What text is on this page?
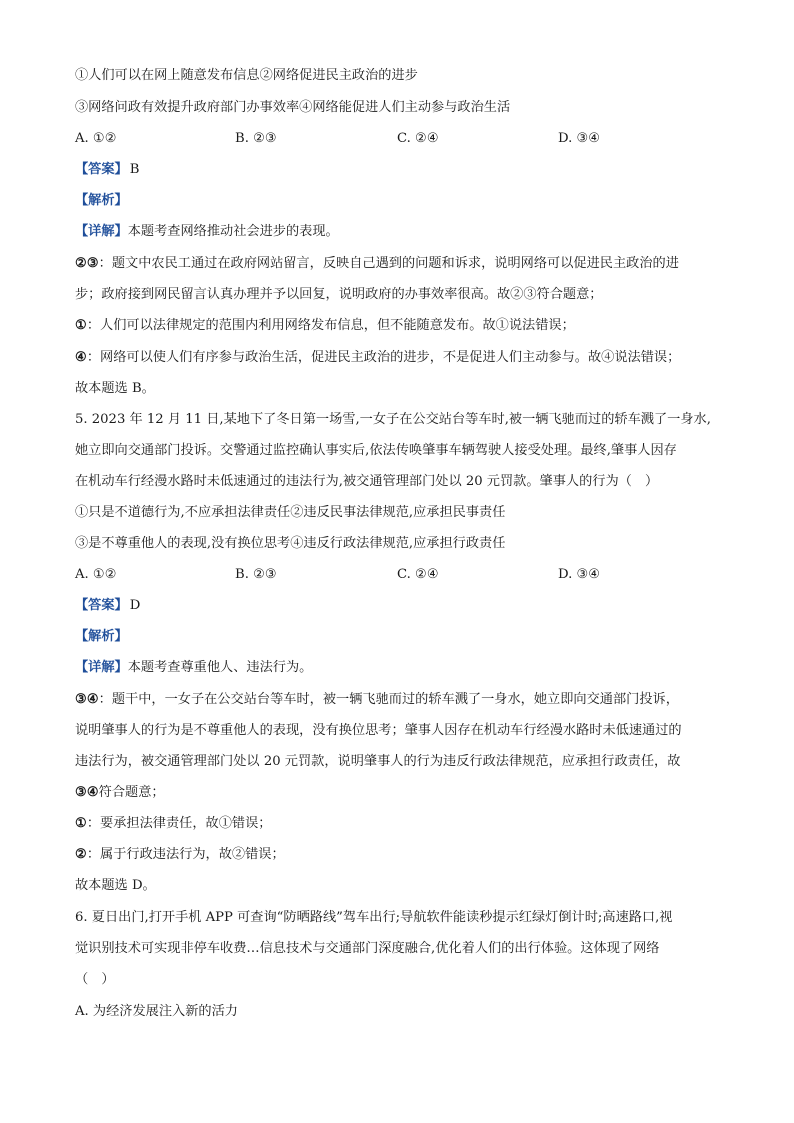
①人们可以在网上随意发布信息②网络促进民主政治的进步
③网络问政有效提升政府部门办事效率④网络能促进人们主动参与政治生活
A. ①②	B. ②③	C. ②④	D. ③④
【答案】 B
【解析】
【详解】本题考查网络推动社会进步的表现。
②③：题文中农民工通过在政府网站留言，反映自己遇到的问题和诉求，说明网络可以促进民主政治的进
步；政府接到网民留言认真办理并予以回复，说明政府的办事效率很高。故②③符合题意；
①：人们可以法律规定的范围内利用网络发布信息，但不能随意发布。故①说法错误；
④：网络可以使人们有序参与政治生活，促进民主政治的进步，不是促进人们主动参与。故④说法错误；
故本题选 B。
5. 2023 年 12 月 11 日,某地下了冬日第一场雪,一女子在公交站台等车时,被一辆飞驰而过的轿车溅了一身水,
她立即向交通部门投诉。交警通过监控确认事实后,依法传唤肇事车辆驾驶人接受处理。最终,肇事人因存
在机动车行经漫水路时未低速通过的违法行为,被交通管理部门处以 20 元罚款。肇事人的行为（　）
①只是不道德行为,不应承担法律责任②违反民事法律规范,应承担民事责任
③是不尊重他人的表现,没有换位思考④违反行政法律规范,应承担行政责任
A. ①②	B. ②③	C. ②④	D. ③④
【答案】 D
【解析】
【详解】本题考查尊重他人、违法行为。
③④：题干中，一女子在公交站台等车时，被一辆飞驰而过的轿车溅了一身水，她立即向交通部门投诉，
说明肇事人的行为是不尊重他人的表现，没有换位思考；肇事人因存在机动车行经漫水路时未低速通过的
违法行为，被交通管理部门处以 20 元罚款，说明肇事人的行为违反行政法律规范，应承担行政责任，故
③④符合题意；
①：要承担法律责任，故①错误；
②：属于行政违法行为，故②错误；
故本题选 D。
6. 夏日出门,打开手机 APP 可查询“防晒路线”驾车出行;导航软件能读秒提示红绿灯倒计时;高速路口,视
觉识别技术可实现非停车收费…信息技术与交通部门深度融合,优化着人们的出行体验。这体现了网络
（　）
A. 为经济发展注入新的活力
